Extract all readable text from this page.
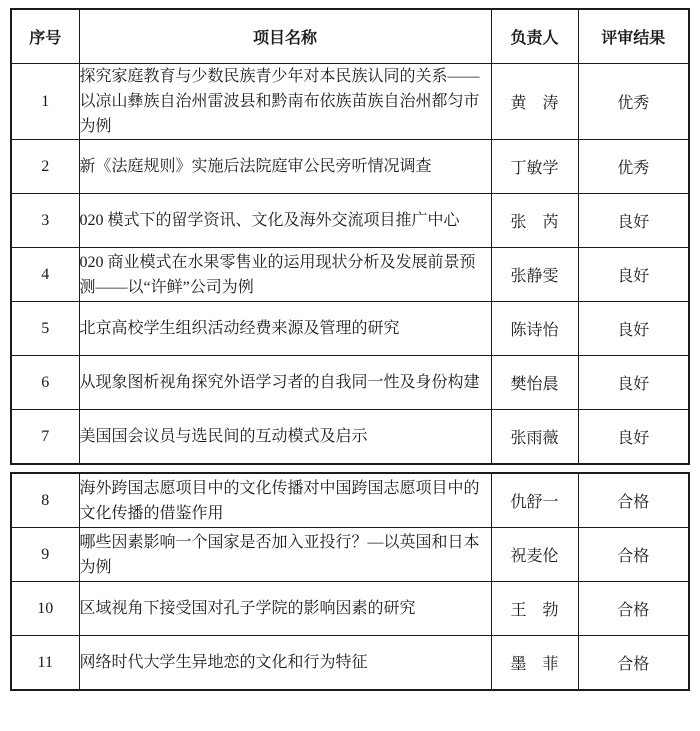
序号	项目名称	负责人	评审结果
1	探究家庭教育与少数民族青少年对本民族认同的关系——以凉山彝族自治州雷波县和黔南布依族苗族自治州都匀市为例	黄　涛	优秀
2	新《法庭规则》实施后法院庭审公民旁听情况调查	丁敏学	优秀
3	020 模式下的留学资讯、文化及海外交流项目推广中心	张　芮	良好
4	020 商业模式在水果零售业的运用现状分析及发展前景预测——以“许鲜”公司为例	张静雯	良好
5	北京高校学生组织活动经费来源及管理的研究	陈诗怡	良好
6	从现象图析视角探究外语学习者的自我同一性及身份构建	樊怡晨	良好
7	美国国会议员与选民间的互动模式及启示	张雨薇	良好
8	海外跨国志愿项目中的文化传播对中国跨国志愿项目中的文化传播的借鉴作用	仇舒一	合格
9	哪些因素影响一个国家是否加入亚投行？—以英国和日本为例	祝麦伦	合格
10	区域视角下接受国对孔子学院的影响因素的研究	王　勃	合格
11	网络时代大学生异地恋的文化和行为特征	墨　菲	合格
